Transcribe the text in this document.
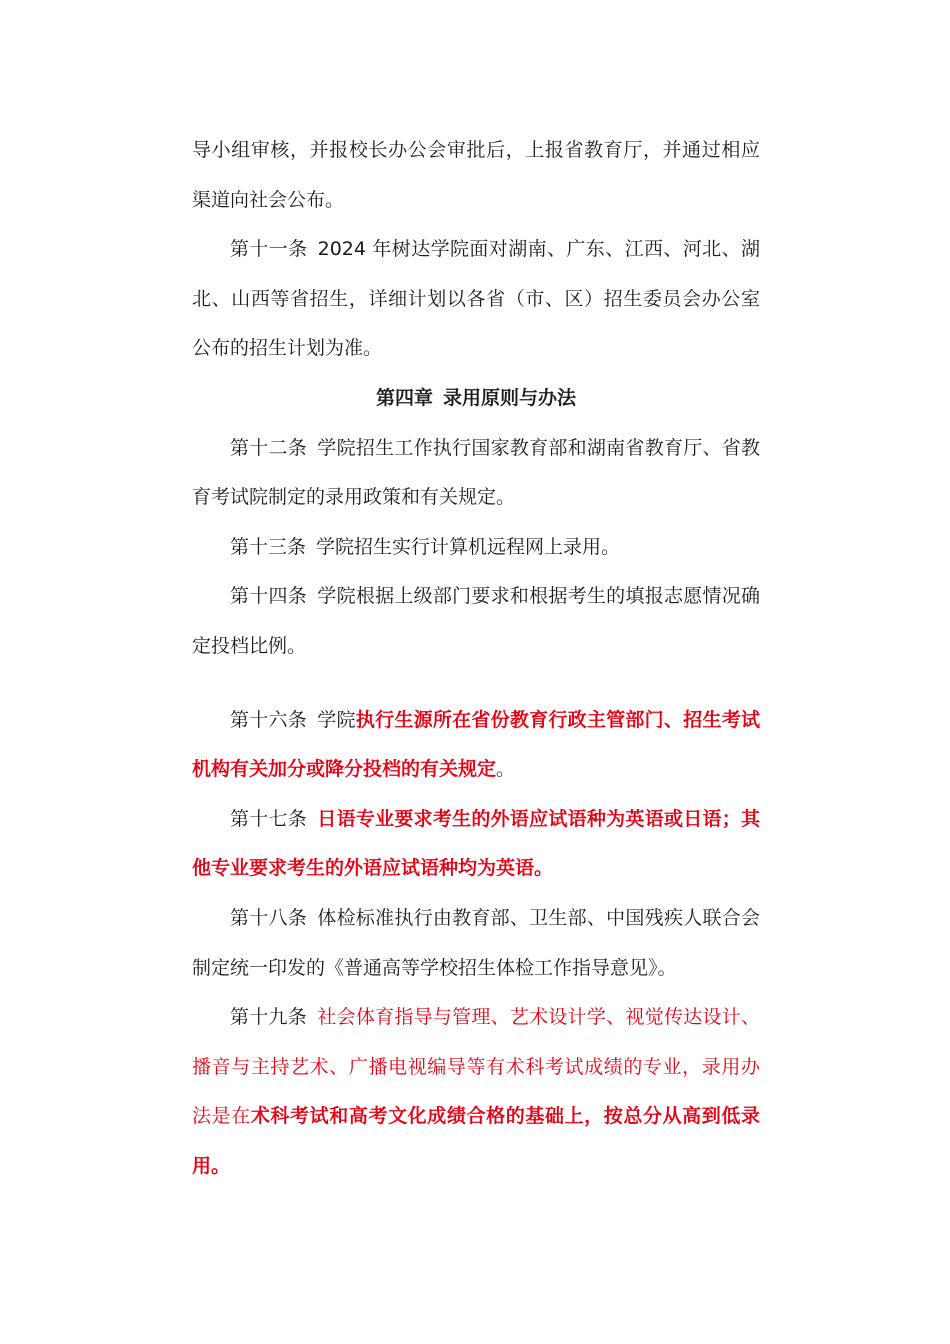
导小组审核，并报校长办公会审批后，上报省教育厅，并通过相应
渠道向社会公布。
第十一条 2024 年树达学院面对湖南、广东、江西、河北、湖
北、山西等省招生，详细计划以各省（市、区）招生委员会办公室
公布的招生计划为准。
第四章 录用原则与办法
第十二条 学院招生工作执行国家教育部和湖南省教育厅、省教
育考试院制定的录用政策和有关规定。
第十三条 学院招生实行计算机远程网上录用。
第十四条 学院根据上级部门要求和根据考生的填报志愿情况确
定投档比例。
第十六条 学院执行生源所在省份教育行政主管部门、招生考试
机构有关加分或降分投档的有关规定。
第十七条 日语专业要求考生的外语应试语种为英语或日语；其
他专业要求考生的外语应试语种均为英语。
第十八条 体检标准执行由教育部、卫生部、中国残疾人联合会
制定统一印发的《普通高等学校招生体检工作指导意见》。
第十九条 社会体育指导与管理、艺术设计学、视觉传达设计、
播音与主持艺术、广播电视编导等有术科考试成绩的专业，录用办
法是在术科考试和高考文化成绩合格的基础上，按总分从高到低录
用。
